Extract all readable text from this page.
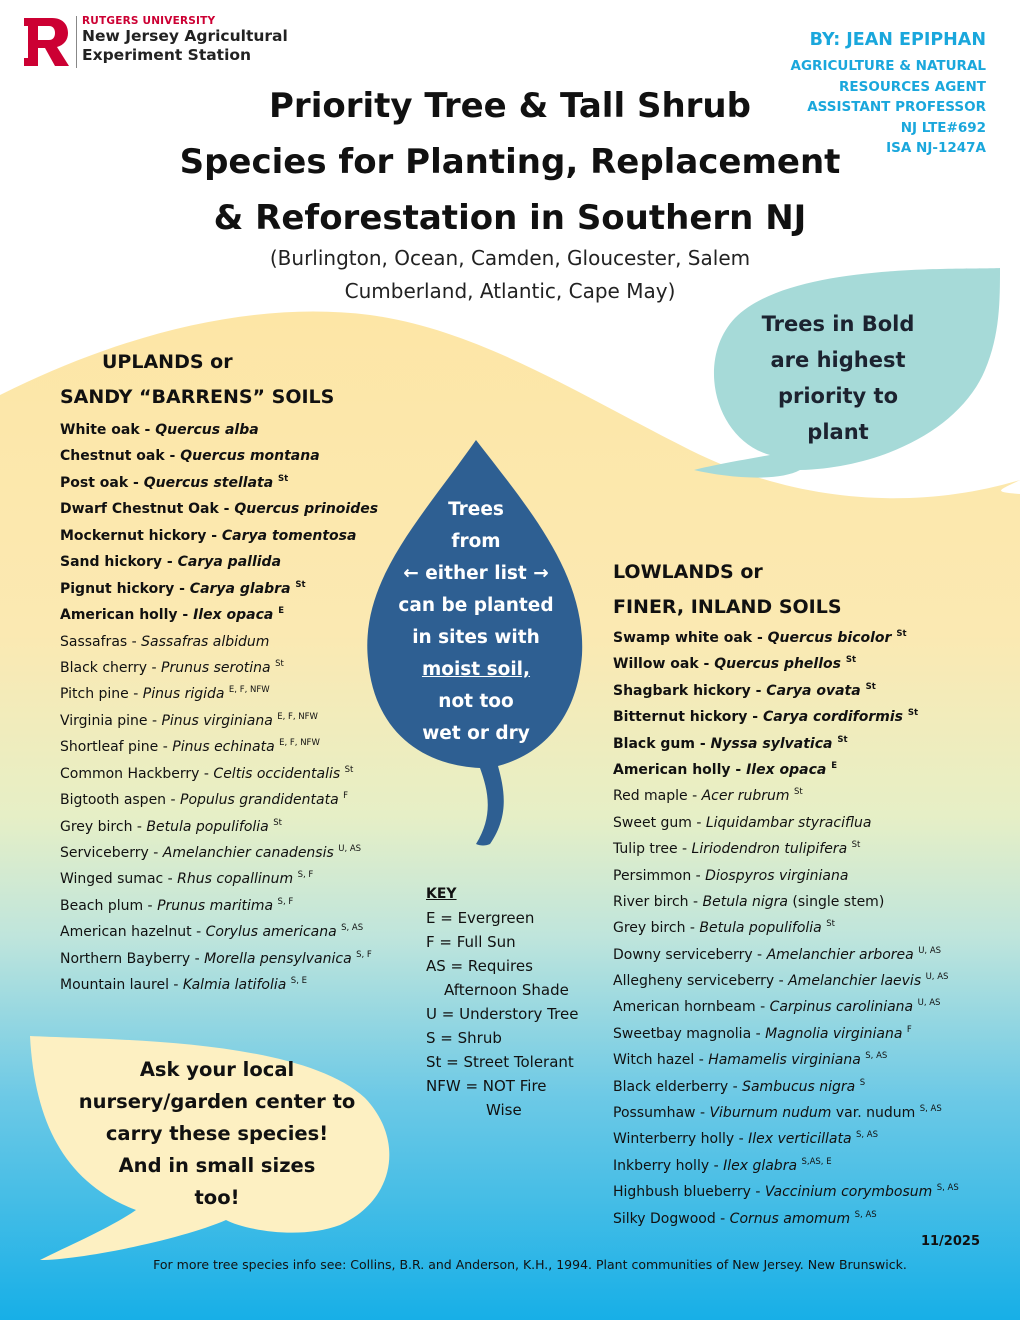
RUTGERS UNIVERSITY
New Jersey Agricultural
Experiment Station
BY: JEAN EPIPHAN
AGRICULTURE & NATURAL
RESOURCES AGENT
ASSISTANT PROFESSOR
NJ LTE#692
ISA NJ-1247A
Priority Tree & Tall Shrub
Species for Planting, Replacement
& Reforestation in Southern NJ
(Burlington, Ocean, Camden, Gloucester, Salem
Cumberland, Atlantic, Cape May)
Trees in Bold
are highest
priority to
plant
UPLANDS or
SANDY “BARRENS” SOILS
White oak - Quercus alba
Chestnut oak - Quercus montana
Post oak - Quercus stellata $^{St}$
Dwarf Chestnut Oak - Quercus prinoides
Mockernut hickory - Carya tomentosa
Sand hickory - Carya pallida
Pignut hickory - Carya glabra $^{St}$
American holly - Ilex opaca $^E$
Sassafras - Sassafras albidum
Black cherry - Prunus serotina $^{St}$
Pitch pine - Pinus rigida $^{E, F, NFW}$
Virginia pine - Pinus virginiana $^{E, F, NFW}$
Shortleaf pine - Pinus echinata $^{E, F, NFW}$
Common Hackberry - Celtis occidentalis $^{St}$
Bigtooth aspen - Populus grandidentata $^F$
Grey birch - Betula populifolia $^{St}$
Serviceberry - Amelanchier canadensis $^{U, AS}$
Winged sumac - Rhus copallinum $^{S, F}$
Beach plum - Prunus maritima $^{S, F}$
American hazelnut - Corylus americana $^{S, AS}$
Northern Bayberry - Morella pensylvanica $^{S, F}$
Mountain laurel - Kalmia latifolia $^{S, E}$
Trees
from
← either list →
can be planted
in sites with
moist soil,
not too
wet or dry
LOWLANDS or
FINER, INLAND SOILS
Swamp white oak - Quercus bicolor $^{St}$
Willow oak - Quercus phellos $^{St}$
Shagbark hickory - Carya ovata $^{St}$
Bitternut hickory - Carya cordiformis $^{St}$
Black gum - Nyssa sylvatica $^{St}$
American holly - Ilex opaca $^E$
Red maple - Acer rubrum $^{St}$
Sweet gum - Liquidambar styraciflua
Tulip tree - Liriodendron tulipifera $^{St}$
Persimmon - Diospyros virginiana
River birch - Betula nigra (single stem)
Grey birch - Betula populifolia $^{St}$
Downy serviceberry - Amelanchier arborea $^{U, AS}$
Allegheny serviceberry - Amelanchier laevis $^{U, AS}$
American hornbeam - Carpinus caroliniana $^{U, AS}$
Sweetbay magnolia - Magnolia virginiana $^F$
Witch hazel - Hamamelis virginiana $^{S, AS}$
Black elderberry - Sambucus nigra $^S$
Possumhaw - Viburnum nudum var. nudum $^{S, AS}$
Winterberry holly - Ilex verticillata $^{S, AS}$
Inkberry holly - Ilex glabra $^{S,AS, E}$
Highbush blueberry - Vaccinium corymbosum $^{S, AS}$
Silky Dogwood - Cornus amomum $^{S, AS}$
KEY
E = Evergreen
F = Full Sun
AS = Requires
Afternoon Shade
U = Understory Tree
S = Shrub
St = Street Tolerant
NFW = NOT Fire
Wise
Ask your local
nursery/garden center to
carry these species!
And in small sizes
too!
11/2025
For more tree species info see: Collins, B.R. and Anderson, K.H., 1994. Plant communities of New Jersey. New Brunswick.
